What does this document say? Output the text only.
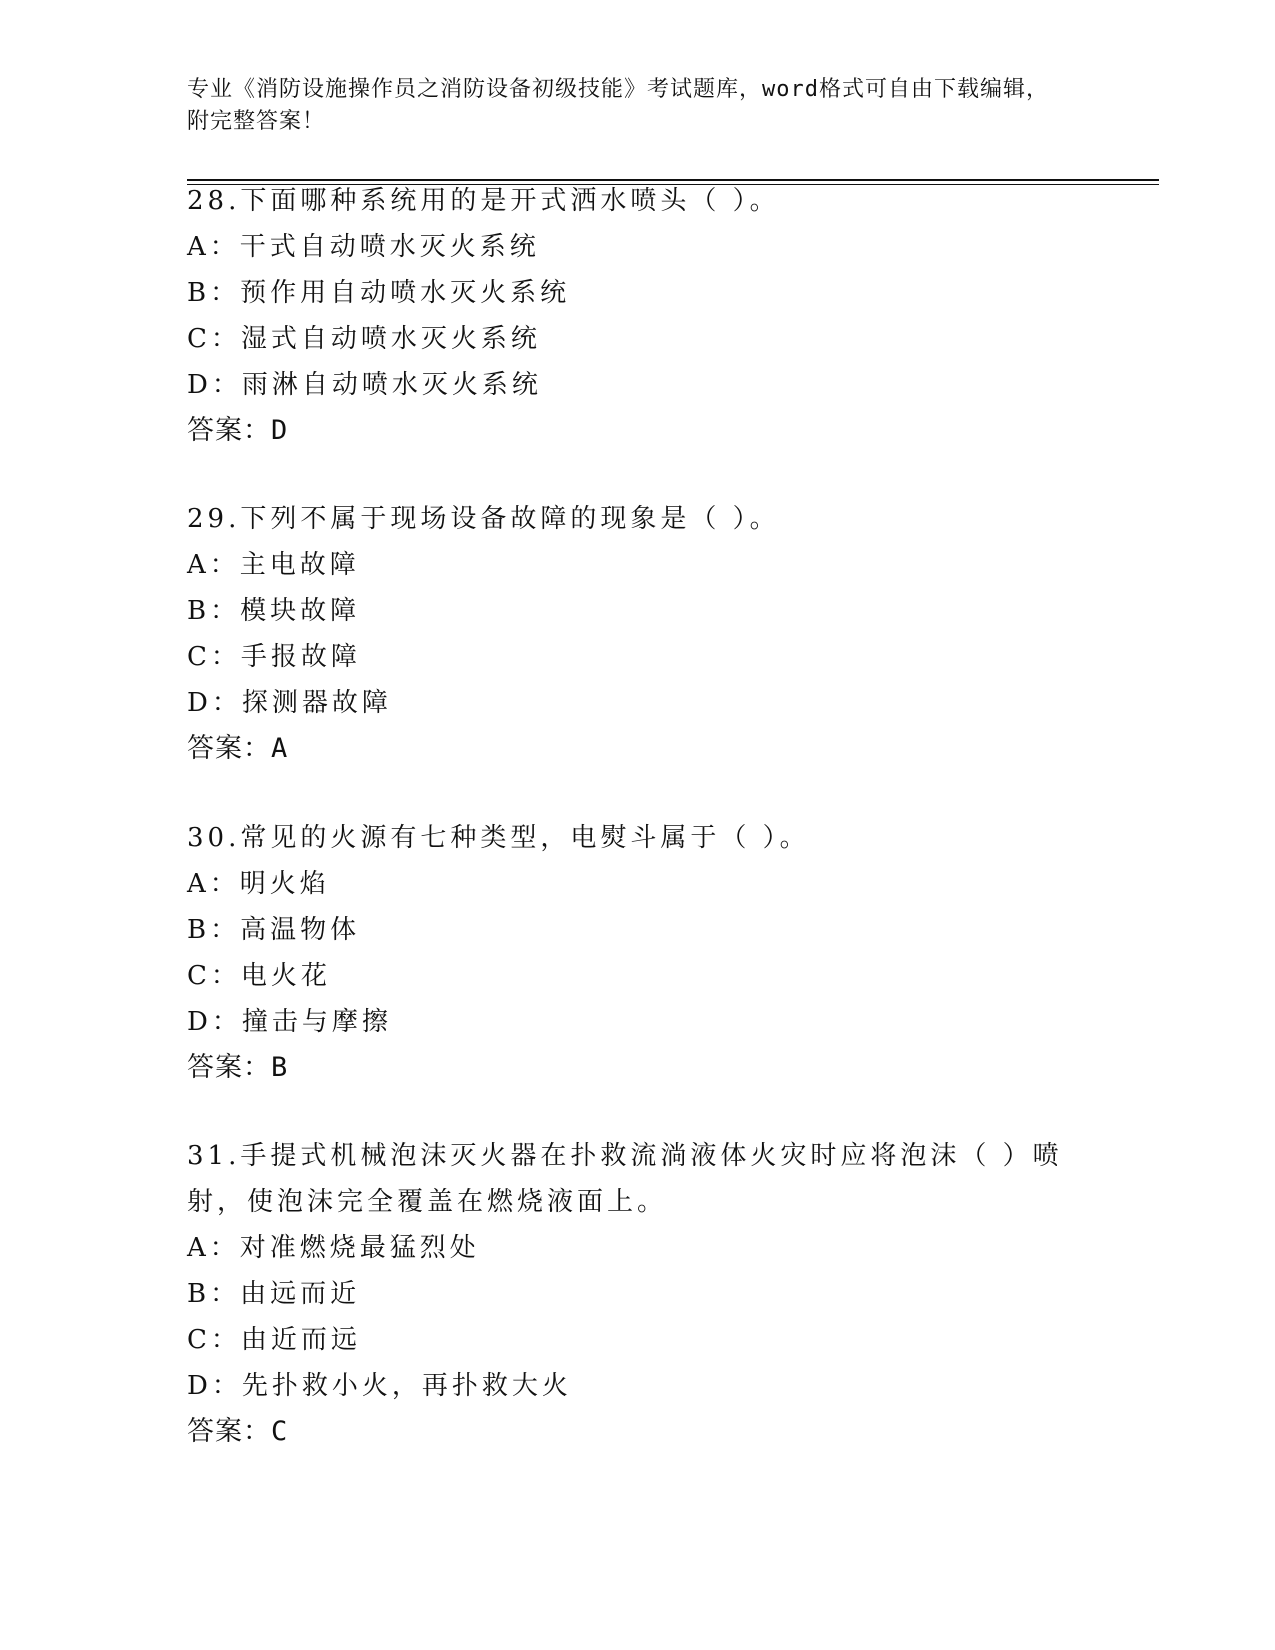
专业《消防设施操作员之消防设备初级技能》考试题库，word格式可自由下载编辑，附完整答案！

28.下面哪种系统用的是开式洒水喷头（ ）。

A：干式自动喷水灭火系统

B：预作用自动喷水灭火系统

C：湿式自动喷水灭火系统

D：雨淋自动喷水灭火系统

答案：D

29.下列不属于现场设备故障的现象是（ ）。

A：主电故障

B：模块故障

C：手报故障

D：探测器故障

答案：A

30.常见的火源有七种类型，电熨斗属于（ ）。

A：明火焰

B：高温物体

C：电火花

D：撞击与摩擦

答案：B

31.手提式机械泡沫灭火器在扑救流淌液体火灾时应将泡沫（ ）喷射，使泡沫完全覆盖在燃烧液面上。

A：对准燃烧最猛烈处

B：由远而近

C：由近而远

D：先扑救小火，再扑救大火

答案：C
